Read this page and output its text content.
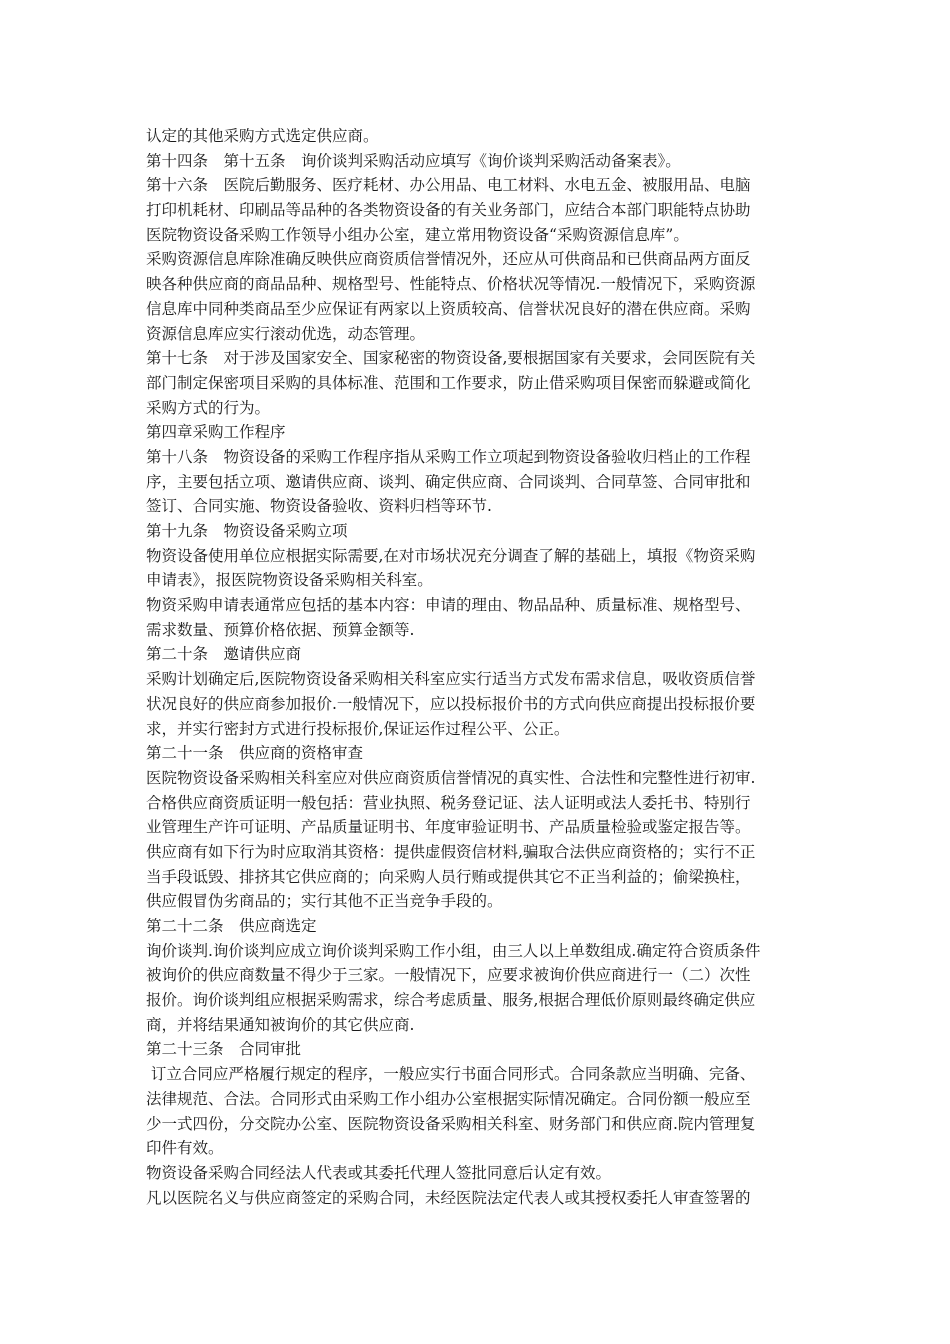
认定的其他采购方式选定供应商。
第十四条　第十五条　询价谈判采购活动应填写《询价谈判采购活动备案表》。
第十六条　医院后勤服务、医疗耗材、办公用品、电工材料、水电五金、被服用品、电脑
打印机耗材、印刷品等品种的各类物资设备的有关业务部门，应结合本部门职能特点协助
医院物资设备采购工作领导小组办公室，建立常用物资设备“采购资源信息库”。
采购资源信息库除准确反映供应商资质信誉情况外，还应从可供商品和已供商品两方面反
映各种供应商的商品品种、规格型号、性能特点、价格状况等情况.一般情况下，采购资源
信息库中同种类商品至少应保证有两家以上资质较高、信誉状况良好的潜在供应商。采购
资源信息库应实行滚动优选，动态管理。
第十七条　对于涉及国家安全、国家秘密的物资设备,要根据国家有关要求，会同医院有关
部门制定保密项目采购的具体标准、范围和工作要求，防止借采购项目保密而躲避或简化
采购方式的行为。
第四章采购工作程序
第十八条　物资设备的采购工作程序指从采购工作立项起到物资设备验收归档止的工作程
序，主要包括立项、邀请供应商、谈判、确定供应商、合同谈判、合同草签、合同审批和
签订、合同实施、物资设备验收、资料归档等环节.
第十九条　物资设备采购立项
物资设备使用单位应根据实际需要,在对市场状况充分调查了解的基础上，填报《物资采购
申请表》，报医院物资设备采购相关科室。
物资采购申请表通常应包括的基本内容：申请的理由、物品品种、质量标准、规格型号、
需求数量、预算价格依据、预算金额等.
第二十条　邀请供应商
采购计划确定后,医院物资设备采购相关科室应实行适当方式发布需求信息，吸收资质信誉
状况良好的供应商参加报价.一般情况下，应以投标报价书的方式向供应商提出投标报价要
求，并实行密封方式进行投标报价,保证运作过程公平、公正。
第二十一条　供应商的资格审查
医院物资设备采购相关科室应对供应商资质信誉情况的真实性、合法性和完整性进行初审.
合格供应商资质证明一般包括：营业执照、税务登记证、法人证明或法人委托书、特别行
业管理生产许可证明、产品质量证明书、年度审验证明书、产品质量检验或鉴定报告等。
供应商有如下行为时应取消其资格：提供虚假资信材料,骗取合法供应商资格的；实行不正
当手段诋毁、排挤其它供应商的；向采购人员行贿或提供其它不正当利益的；偷梁换柱，
供应假冒伪劣商品的；实行其他不正当竞争手段的。
第二十二条　供应商选定
询价谈判.询价谈判应成立询价谈判采购工作小组，由三人以上单数组成.确定符合资质条件
被询价的供应商数量不得少于三家。一般情况下，应要求被询价供应商进行一（二）次性
报价。询价谈判组应根据采购需求，综合考虑质量、服务,根据合理低价原则最终确定供应
商，并将结果通知被询价的其它供应商.
第二十三条　合同审批
订立合同应严格履行规定的程序，一般应实行书面合同形式。合同条款应当明确、完备、
法律规范、合法。合同形式由采购工作小组办公室根据实际情况确定。合同份额一般应至
少一式四份，分交院办公室、医院物资设备采购相关科室、财务部门和供应商.院内管理复
印件有效。
物资设备采购合同经法人代表或其委托代理人签批同意后认定有效。
凡以医院名义与供应商签定的采购合同，未经医院法定代表人或其授权委托人审查签署的
